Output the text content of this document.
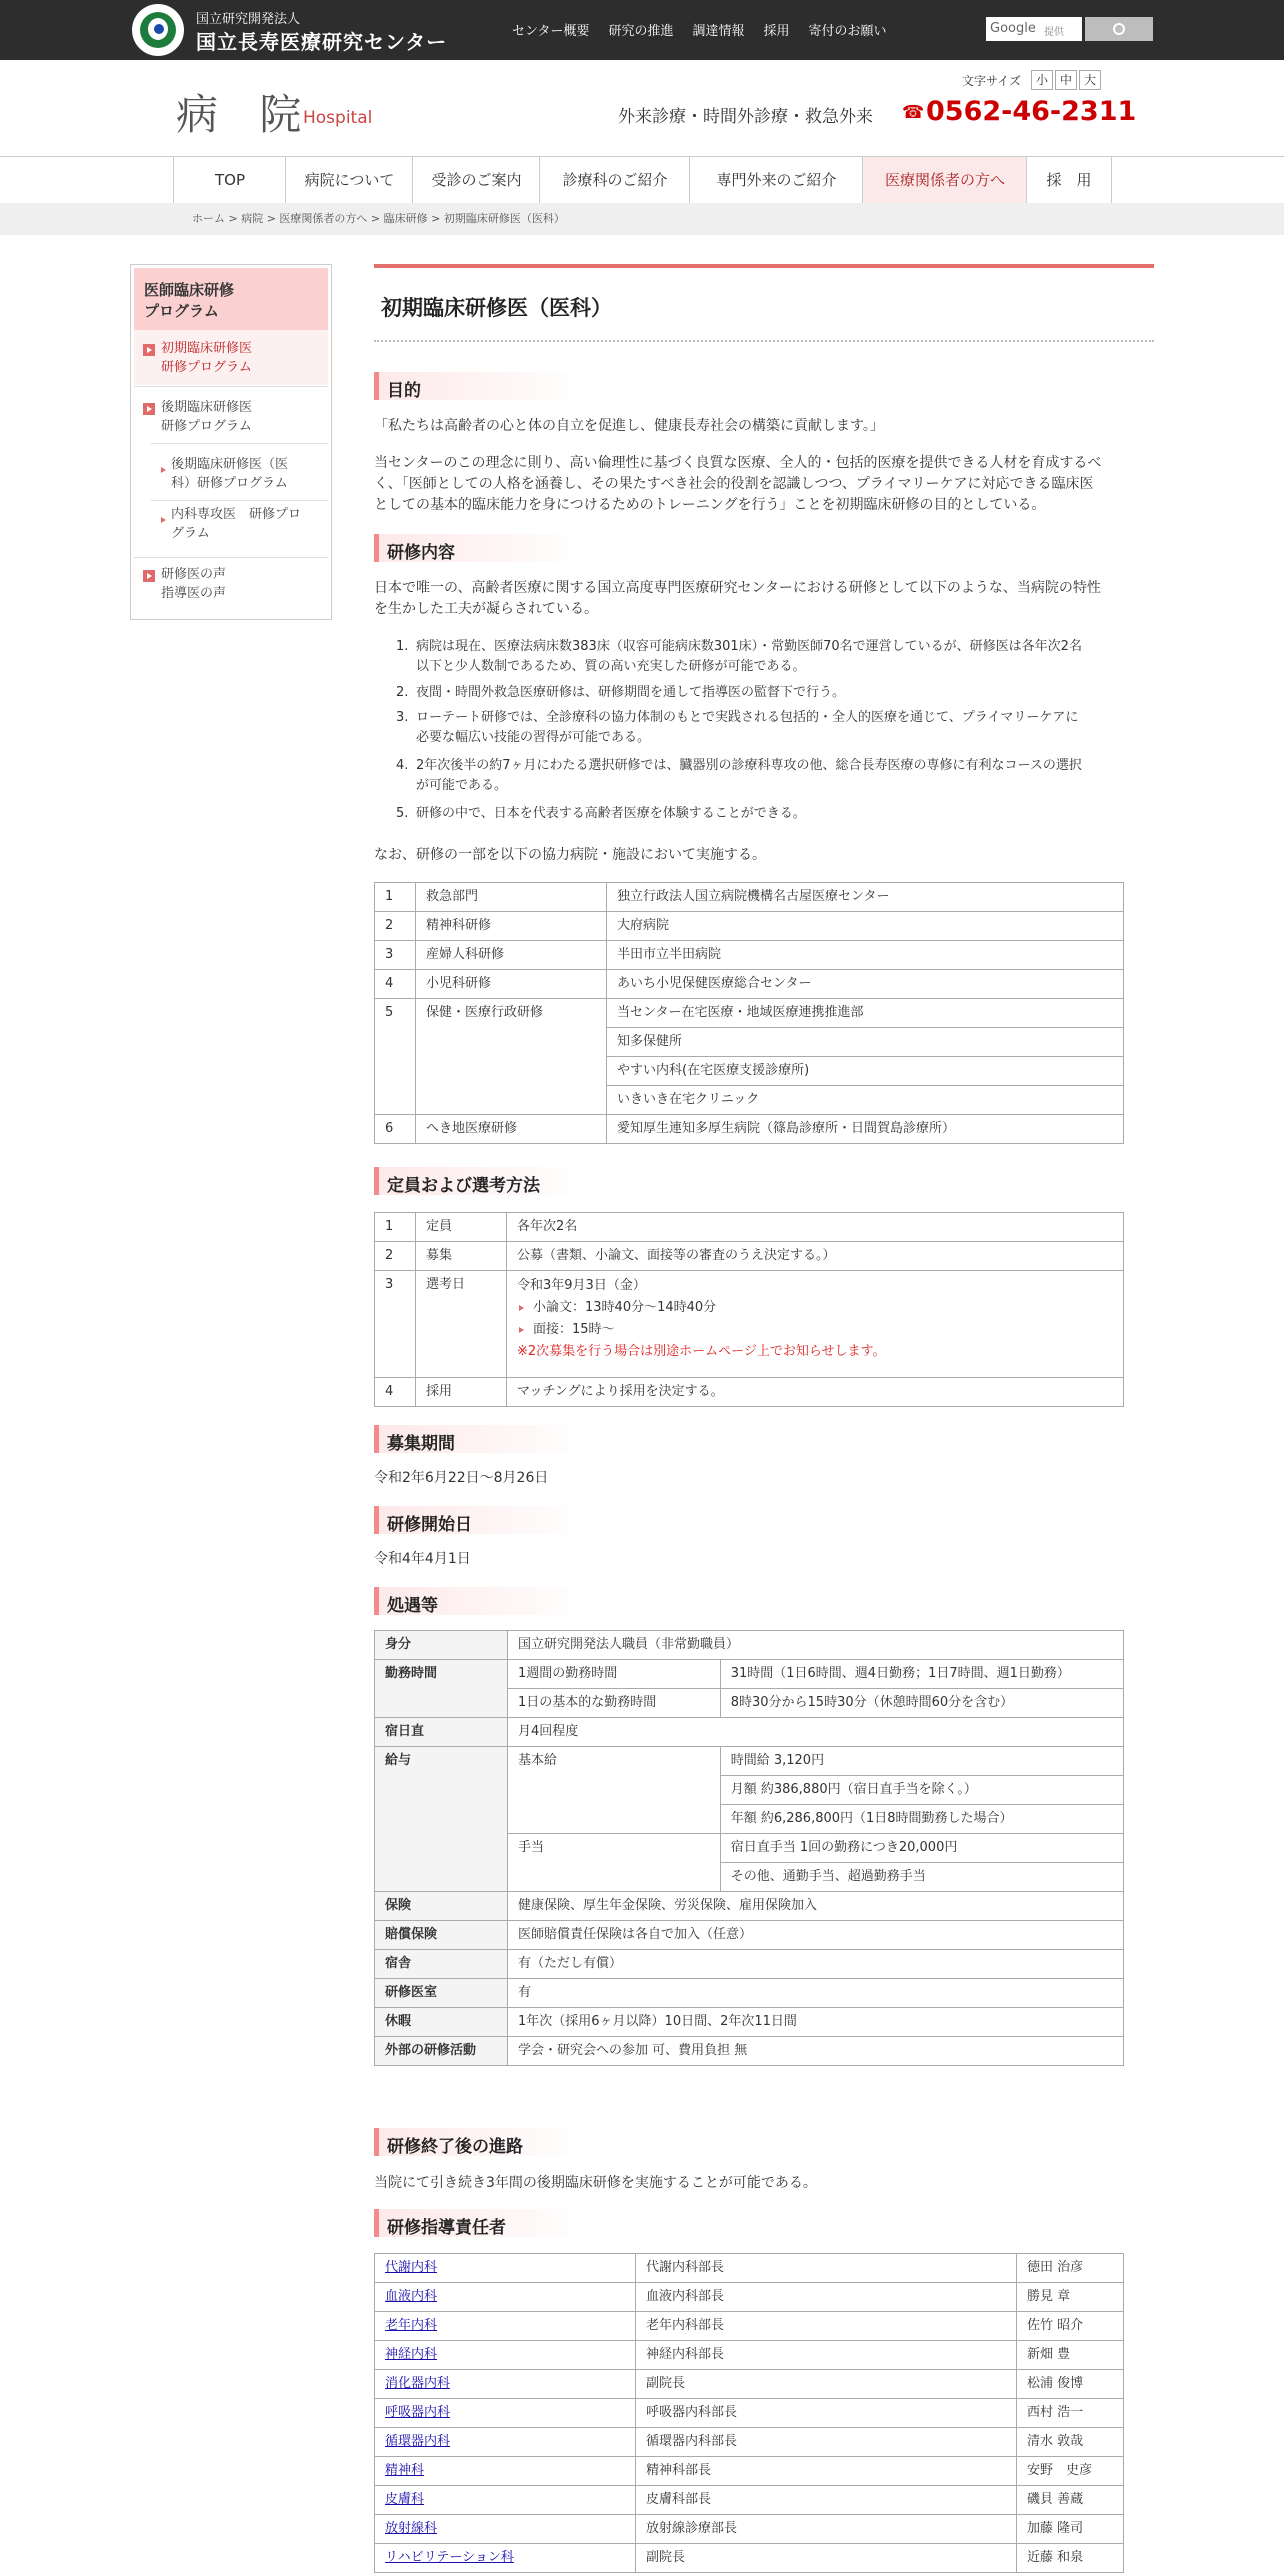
国立研究開発法人
国立長寿医療研究センター	センター概要 研究の推進 調達情報 採用 寄付のお願い	Google 提供
病 院
Hospital
文字サイズ	小 中 大
外来診療・時間外診療・救急外来 ☎ 0562-46-2311
TOP	病院について	受診のご案内	診療科のご紹介	専門外来のご紹介	医療関係者の方へ	採　用
ホーム > 病院 > 医療関係者の方へ > 臨床研修 > 初期臨床研修医（医科）
医師臨床研修
プログラム
初期臨床研修医
研修プログラム
後期臨床研修医
研修プログラム
後期臨床研修医（医
科）研修プログラム
内科専攻医　研修プロ
グラム
研修医の声
指導医の声
初期臨床研修医（医科）
目的
「私たちは高齢者の心と体の自立を促進し、健康長寿社会の構築に貢献します。」
当センターのこの理念に則り、高い倫理性に基づく良質な医療、全人的・包括的医療を提供できる人材を育成するべ
く、「医師としての人格を涵養し、その果たすべき社会的役割を認識しつつ、プライマリーケアに対応できる臨床医
としての基本的臨床能力を身につけるためのトレーニングを行う」ことを初期臨床研修の目的としている。
研修内容
日本で唯一の、高齢者医療に関する国立高度専門医療研究センターにおける研修として以下のような、当病院の特性
を生かした工夫が凝らされている。
1. 病院は現在、医療法病床数383床（収容可能病床数301床）・常勤医師70名で運営しているが、研修医は各年次2名
以下と少人数制であるため、質の高い充実した研修が可能である。
2. 夜間・時間外救急医療研修は、研修期間を通して指導医の監督下で行う。
3. ローテート研修では、全診療科の協力体制のもとで実践される包括的・全人的医療を通じて、プライマリーケアに
必要な幅広い技能の習得が可能である。
4. 2年次後半の約7ヶ月にわたる選択研修では、臓器別の診療科専攻の他、総合長寿医療の専修に有利なコースの選択
が可能である。
5. 研修の中で、日本を代表する高齢者医療を体験することができる。
なお、研修の一部を以下の協力病院・施設において実施する。
1	救急部門	独立行政法人国立病院機構名古屋医療センター
2	精神科研修	大府病院
3	産婦人科研修	半田市立半田病院
4	小児科研修	あいち小児保健医療総合センター
5	保健・医療行政研修	当センター在宅医療・地域医療連携推進部
		知多保健所
		やすい内科(在宅医療支援診療所)
		いきいき在宅クリニック
6	へき地医療研修	愛知厚生連知多厚生病院（篠島診療所・日間賀島診療所）
定員および選考方法
1	定員	各年次2名
2	募集	公募（書類、小論文、面接等の審査のうえ決定する。）
3	選考日	令和3年9月3日（金）
小論文：13時40分～14時40分
面接：15時～
※2次募集を行う場合は別途ホームページ上でお知らせします。

4	採用	マッチングにより採用を決定する。
募集期間
令和2年6月22日～8月26日
研修開始日
令和4年4月1日
処遇等
身分	国立研究開発法人職員（非常勤職員）	
勤務時間	1週間の勤務時間	31時間（1日6時間、週4日勤務；1日7時間、週1日勤務）
	1日の基本的な勤務時間	8時30分から15時30分（休憩時間60分を含む）
宿日直	月4回程度	
給与	基本給	時間給 3,120円
		月額 約386,880円（宿日直手当を除く。）
		年額 約6,286,800円（1日8時間勤務した場合）
	手当	宿日直手当 1回の勤務につき20,000円
		その他、通勤手当、超過勤務手当
保険	健康保険、厚生年金保険、労災保険、雇用保険加入	
賠償保険	医師賠償責任保険は各自で加入（任意）	
宿舎	有（ただし有償）	
研修医室	有	
休暇	1年次（採用6ヶ月以降）10日間、2年次11日間	
外部の研修活動	学会・研究会への参加 可、費用負担 無	
研修終了後の進路
当院にて引き続き3年間の後期臨床研修を実施することが可能である。
研修指導責任者
代謝内科	代謝内科部長	徳田 治彦
血液内科	血液内科部長	勝見 章
老年内科	老年内科部長	佐竹 昭介
神経内科	神経内科部長	新畑 豊
消化器内科	副院長	松浦 俊博
呼吸器内科	呼吸器内科部長	西村 浩一
循環器内科	循環器内科部長	清水 敦哉
精神科	精神科部長	安野　史彦
皮膚科	皮膚科部長	磯貝 善蔵
放射線科	放射線診療部長	加藤 隆司
リハビリテーション科	副院長	近藤 和泉
